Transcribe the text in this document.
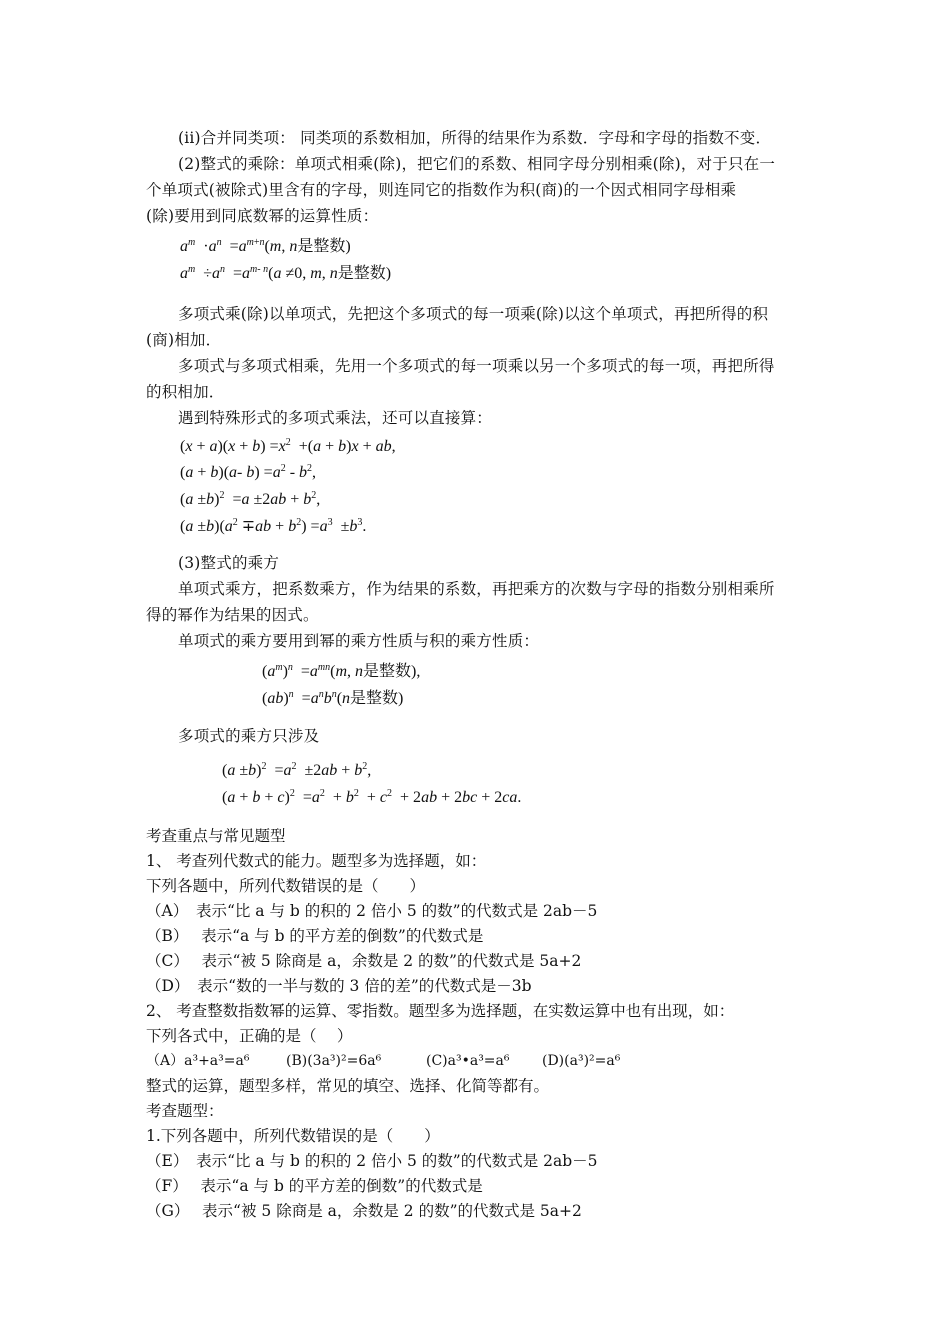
(ii)合并同类项： 同类项的系数相加，所得的结果作为系数．字母和字母的指数不变．
(2)整式的乘除：单项式相乘(除)，把它们的系数、相同字母分别相乘(除)，对于只在一
个单项式(被除式)里含有的字母，则连同它的指数作为积(商)的一个因式相同字母相乘
(除)要用到同底数幂的运算性质：
$a^m \cdot a^n =a^{m+n}(m$, n是整数)
$a^m \div a^n =a^{m- n}(a \ne 0$, m, n是整数)
多项式乘(除)以单项式，先把这个多项式的每一项乘(除)以这个单项式，再把所得的积
(商)相加．
多项式与多项式相乘，先用一个多项式的每一项乘以另一个多项式的每一项，再把所得
的积相加．
遇到特殊形式的多项式乘法，还可以直接算：
$(x + a)(x + b) =x^2 +(a + b)x$ + ab,
(a + b)(a- $b) =a^2 - b^2$,
$(a \pm b)^2 =a \pm 2ab + b^2$,
$(a \pm b)(a^2 \mp ab + b^2) =a^3 \pm b^3$.
(3)整式的乘方
单项式乘方，把系数乘方，作为结果的系数，再把乘方的次数与字母的指数分别相乘所
得的幂作为结果的因式。
单项式的乘方要用到幂的乘方性质与积的乘方性质：
$(a^m)^n =a^{mn}(m$, n是整数),
$(ab)^n =a^nb^n(n$是整数)
多项式的乘方只涉及
$(a \pm b)^2 =a^2 \pm 2ab + b^2$,
$(a + b + c)^2 =a^2 + b^2 + c^2 + 2ab + 2bc + 2ca$.
考查重点与常见题型
1、 考查列代数式的能力。题型多为选择题，如：
下列各题中，所列代数错误的是（　　）
（A）　表示“比 a 与 b 的积的 2 倍小 5 的数”的代数式是 2ab－5
（B）　 表示“a 与 b 的平方差的倒数”的代数式是
（C）　 表示“被 5 除商是 a，余数是 2 的数”的代数式是 5a+2
（D）　表示“数的一半与数的 3 倍的差”的代数式是－3b
2、 考查整数指数幂的运算、零指数。题型多为选择题，在实数运算中也有出现，如：
下列各式中，正确的是（　 ）
（A）a³+a³=a⁶	(B)(3a³)²=6a⁶	(C)a³•a³=a⁶ (D)(a³)²=a⁶
整式的运算，题型多样，常见的填空、选择、化简等都有。
考查题型：
1.下列各题中，所列代数错误的是（　　）
（E）　表示“比 a 与 b 的积的 2 倍小 5 的数”的代数式是 2ab－5
（F）　 表示“a 与 b 的平方差的倒数”的代数式是
（G）　 表示“被 5 除商是 a，余数是 2 的数”的代数式是 5a+2
